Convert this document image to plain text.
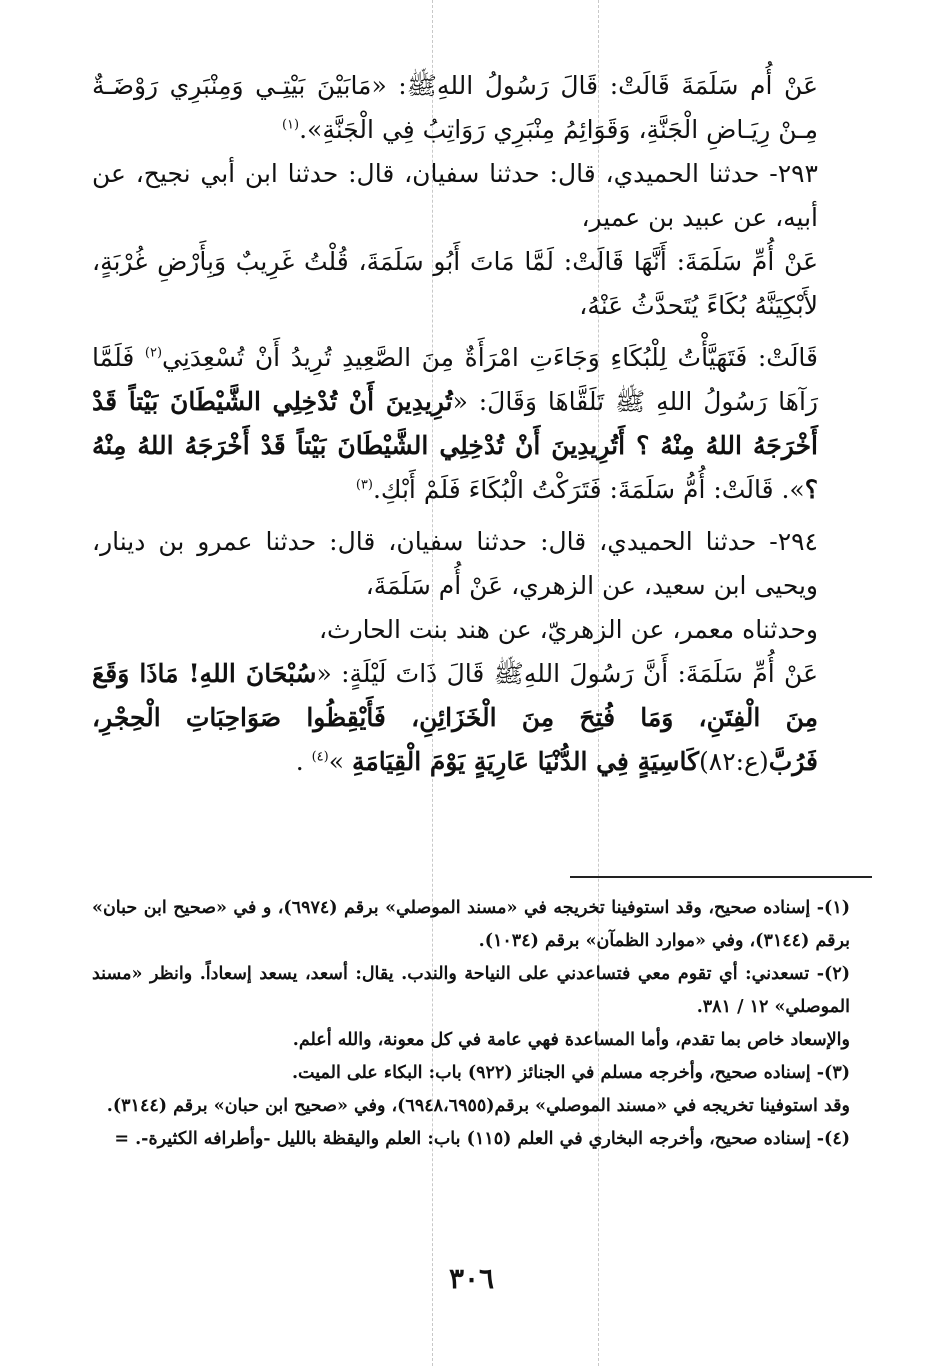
عَنْ أُم سَلَمَةَ قَالَتْ: قَالَ رَسُولُ اللهِﷺ: «مَابَيْنَ بَيْتِـي وَمِنْبَرِي رَوْضَـةٌ مِـنْ رِيَـاضِ الْجَنَّةِ، وَقَوَائِمُ مِنْبَرِي رَوَاتِبُ فِي الْجَنَّةِ».$^{(١)}$

٢٩٣- حدثنا الحميدي، قال: حدثنا سفيان، قال: حدثنا ابن أبي نجيح، عن أبيه، عن عبيد بن عمير،

عَنْ أُمِّ سَلَمَةَ: أَنَّهَا قَالَتْ: لَمَّا مَاتَ أَبُو سَلَمَةَ، قُلْتُ غَرِيبٌ وَبِأَرْضِ غُرْبَةٍ، لأَبْكِيَنَّهُ بُكَاءً يُتَحدَّثُ عَنْهُ،

قَالَتْ: فَتَهَيَّأْتُ لِلْبُكَاءِ وَجَاءَتِ امْرَأَةٌ مِنَ الصَّعِيدِ تُرِيدُ أَنْ تُسْعِدَنِي$^{(٢)}$ فَلَمَّا رَآهَا رَسُولُ اللهِ ﷺ تَلَقَّاهَا وَقَالَ: «تُرِيدِينَ أَنْ تُدْخِلِي الشَّيْطَانَ بَيْتاً قَدْ أَخْرَجَهُ اللهُ مِنْهُ ؟ أَتُرِيدِينَ أَنْ تُدْخِلِي الشَّيْطَانَ بَيْتاً قَدْ أَخْرَجَهُ اللهُ مِنْهُ ؟». قَالَتْ: أُمُّ سَلَمَةَ: فَتَرَكْتُ الْبُكَاءَ فَلَمْ أَبْكِ.$^{(٣)}$

٢٩٤- حدثنا الحميدي، قال: حدثنا سفيان، قال: حدثنا عمرو بن دينار، ويحيى ابن سعيد، عن الزهري، عَنْ أُم سَلَمَةَ،

وحدثناه معمر، عن الزهريّ، عن هند بنت الحارث،

عَنْ أُمِّ سَلَمَةَ: أَنَّ رَسُولَ اللهِﷺ قَالَ ذَاتَ لَيْلَةٍ: «سُبْحَانَ اللهِ! مَاذَا وَقَعَ مِنَ الْفِتَنِ، وَمَا فُتِحَ مِنَ الْخَزَائِنِ، فَأَيْقِظُوا صَوَاحِبَاتِ الْحِجْرِ، فَرُبَّ(ع:٨٢)كَاسِيَةٍ فِي الدُّنْيَا عَارِيَةٍ يَوْمَ الْقِيَامَةِ »$^{(٤)}$ .

(١)- إسناده صحيح، وقد استوفينا تخريجه في «مسند الموصلي» برقم (٦٩٧٤)، و في «صحيح ابن حبان» برقم (٣١٤٤)، وفي «موارد الظمآن» برقم (١٠٣٤).

(٢)- تسعدني: أي تقوم معي فتساعدني على النياحة والندب. يقال: أسعد، يسعد إسعاداً. وانظر «مسند الموصلي» ١٢ / ٣٨١.

والإسعاد خاص بما تقدم، وأما المساعدة فهي عامة في كل معونة، والله أعلم.

(٣)- إسناده صحيح، وأخرجه مسلم في الجنائز (٩٢٢) باب: البكاء على الميت.

وقد استوفينا تخريجه في «مسند الموصلي» برقم(٦٩٤٨،٦٩٥٥)، وفي «صحيح ابن حبان» برقم (٣١٤٤).

(٤)- إسناده صحيح، وأخرجه البخاري في العلم (١١٥) باب: العلم واليقظة بالليل -وأطرافه الكثيرة-. =

٣٠٦
